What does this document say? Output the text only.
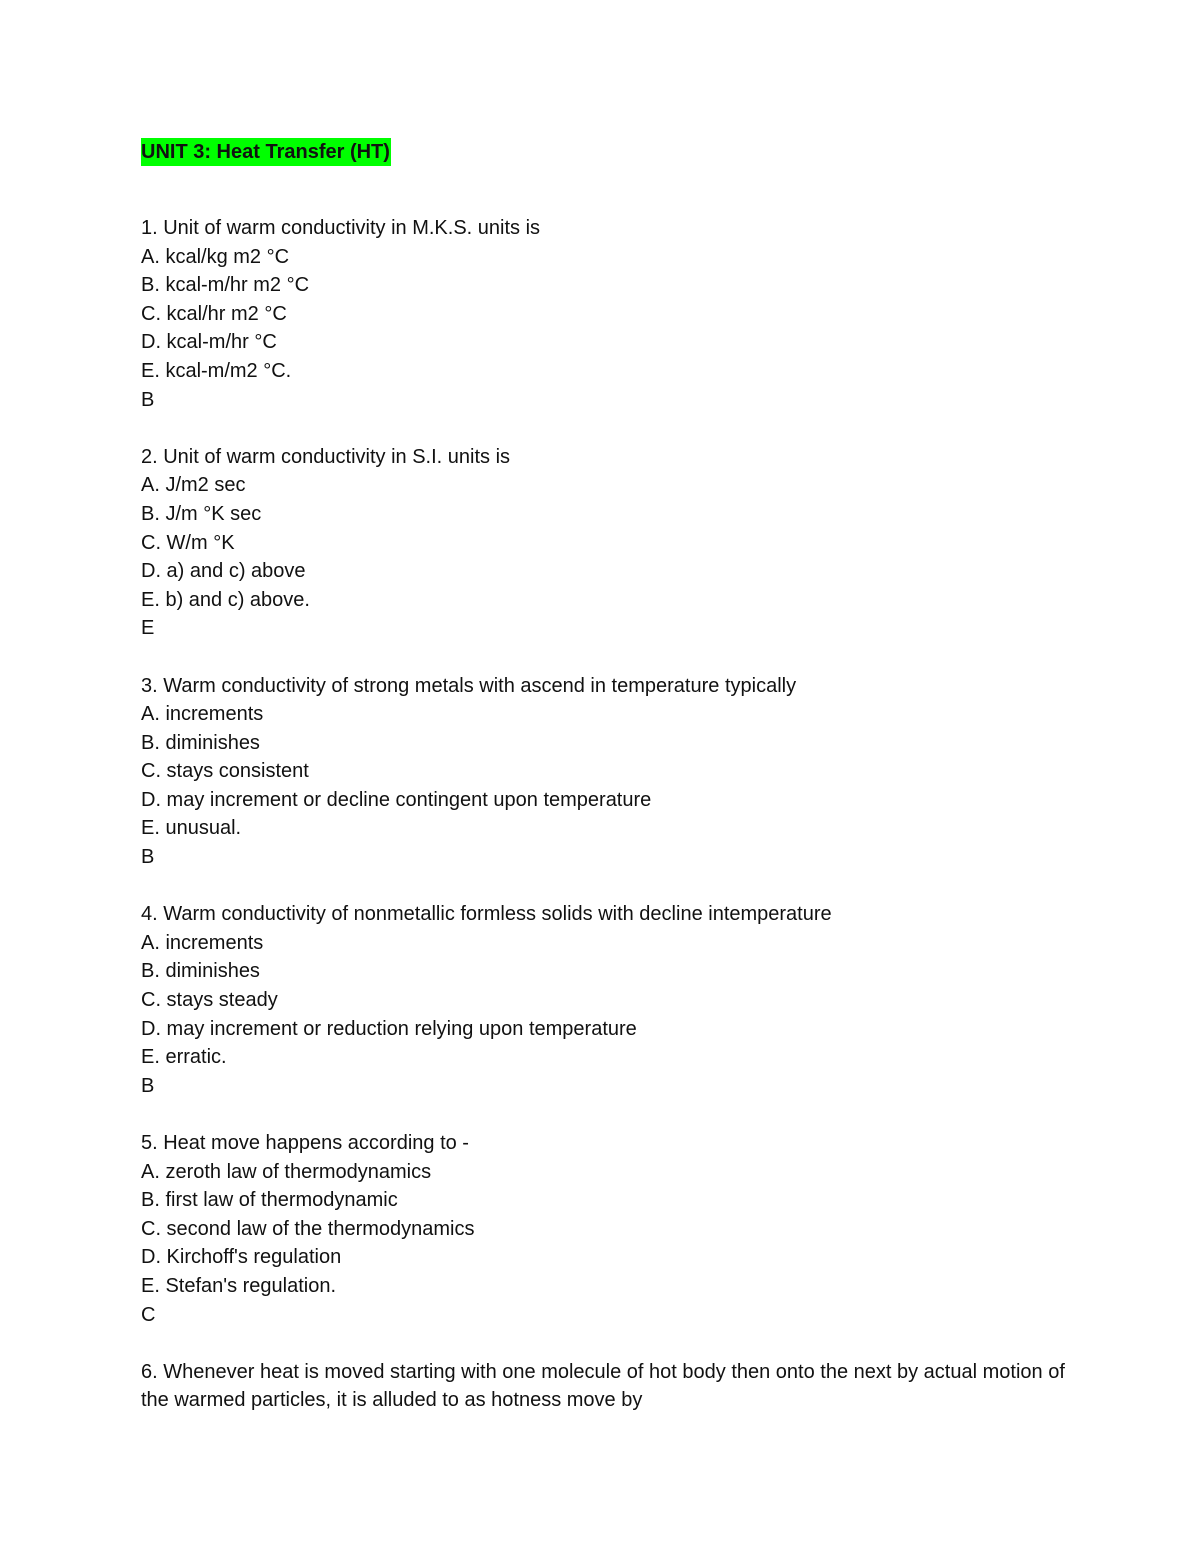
UNIT 3: Heat Transfer (HT)
1. Unit of warm conductivity in M.K.S. units is
A. kcal/kg m2 °C
B. kcal-m/hr m2 °C
C. kcal/hr m2 °C
D. kcal-m/hr °C
E. kcal-m/m2 °C.
B
2. Unit of warm conductivity in S.I. units is
A. J/m2 sec
B. J/m °K sec
C. W/m °K
D. a) and c) above
E. b) and c) above.
E
3. Warm conductivity of strong metals with ascend in temperature typically
A. increments
B. diminishes
C. stays consistent
D. may increment or decline contingent upon temperature
E. unusual.
B
4. Warm conductivity of nonmetallic formless solids with decline intemperature
A. increments
B. diminishes
C. stays steady
D. may increment or reduction relying upon temperature
E. erratic.
B
5. Heat move happens according to -
A. zeroth law of thermodynamics
B. first law of thermodynamic
C. second law of the thermodynamics
D. Kirchoff's regulation
E. Stefan's regulation.
C
6. Whenever heat is moved starting with one molecule of hot body then onto the next by actual motion of the warmed particles, it is alluded to as hotness move by
